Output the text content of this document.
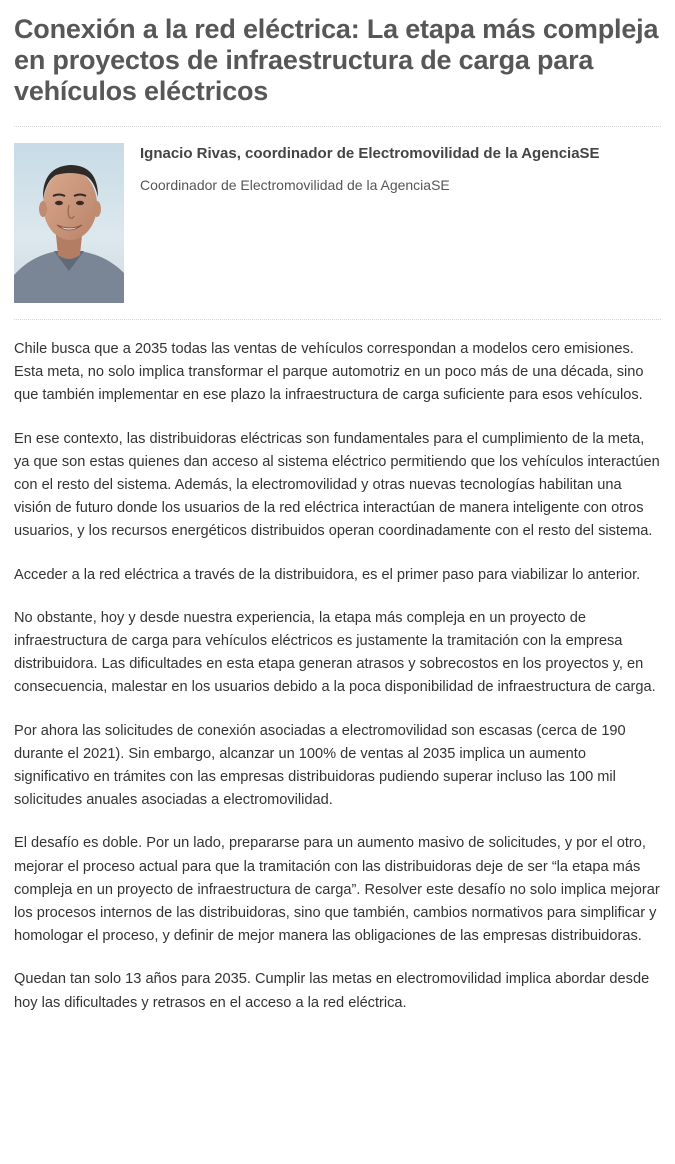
Conexión a la red eléctrica: La etapa más compleja en proyectos de infraestructura de carga para vehículos eléctricos
Ignacio Rivas, coordinador de Electromovilidad de la AgenciaSE
Coordinador de Electromovilidad de la AgenciaSE

Chile busca que a 2035 todas las ventas de vehículos correspondan a modelos cero emisiones. Esta meta, no solo implica transformar el parque automotriz en un poco más de una década, sino que también implementar en ese plazo la infraestructura de carga suficiente para esos vehículos.

En ese contexto, las distribuidoras eléctricas son fundamentales para el cumplimiento de la meta, ya que son estas quienes dan acceso al sistema eléctrico permitiendo que los vehículos interactúen con el resto del sistema. Además, la electromovilidad y otras nuevas tecnologías habilitan una visión de futuro donde los usuarios de la red eléctrica interactúan de manera inteligente con otros usuarios, y los recursos energéticos distribuidos operan coordinadamente con el resto del sistema.

Acceder a la red eléctrica a través de la distribuidora, es el primer paso para viabilizar lo anterior.

No obstante, hoy y desde nuestra experiencia, la etapa más compleja en un proyecto de infraestructura de carga para vehículos eléctricos es justamente la tramitación con la empresa distribuidora. Las dificultades en esta etapa generan atrasos y sobrecostos en los proyectos y, en consecuencia, malestar en los usuarios debido a la poca disponibilidad de infraestructura de carga.

Por ahora las solicitudes de conexión asociadas a electromovilidad son escasas (cerca de 190 durante el 2021). Sin embargo, alcanzar un 100% de ventas al 2035 implica un aumento significativo en trámites con las empresas distribuidoras pudiendo superar incluso las 100 mil solicitudes anuales asociadas a electromovilidad.

El desafío es doble. Por un lado, prepararse para un aumento masivo de solicitudes, y por el otro, mejorar el proceso actual para que la tramitación con las distribuidoras deje de ser “la etapa más compleja en un proyecto de infraestructura de carga”. Resolver este desafío no solo implica mejorar los procesos internos de las distribuidoras, sino que también, cambios normativos para simplificar y homologar el proceso, y definir de mejor manera las obligaciones de las empresas distribuidoras.

Quedan tan solo 13 años para 2035. Cumplir las metas en electromovilidad implica abordar desde hoy las dificultades y retrasos en el acceso a la red eléctrica.
